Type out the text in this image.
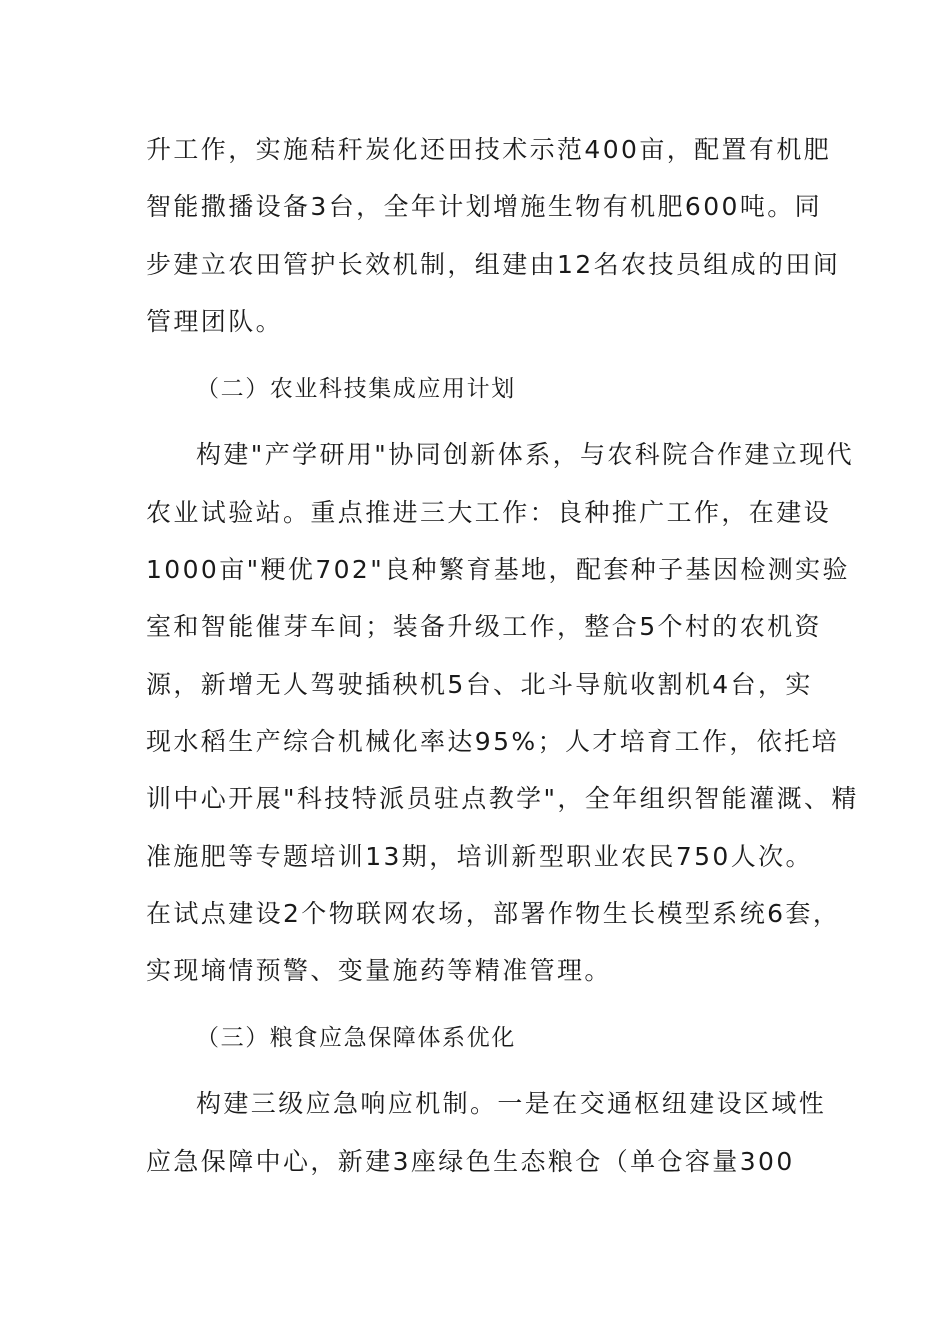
升工作，实施秸秆炭化还田技术示范400亩，配置有机肥
智能撒播设备3台，全年计划增施生物有机肥600吨。同
步建立农田管护长效机制，组建由12名农技员组成的田间
管理团队。
（二）农业科技集成应用计划
构建"产学研用"协同创新体系，与农科院合作建立现代
农业试验站。重点推进三大工作：良种推广工作，在建设
1000亩"粳优702"良种繁育基地，配套种子基因检测实验
室和智能催芽车间；装备升级工作，整合5个村的农机资
源，新增无人驾驶插秧机5台、北斗导航收割机4台，实
现水稻生产综合机械化率达95%；人才培育工作，依托培
训中心开展"科技特派员驻点教学"，全年组织智能灌溉、精
准施肥等专题培训13期，培训新型职业农民750人次。
在试点建设2个物联网农场，部署作物生长模型系统6套，
实现墒情预警、变量施药等精准管理。
（三）粮食应急保障体系优化
构建三级应急响应机制。一是在交通枢纽建设区域性
应急保障中心，新建3座绿色生态粮仓（单仓容量300
